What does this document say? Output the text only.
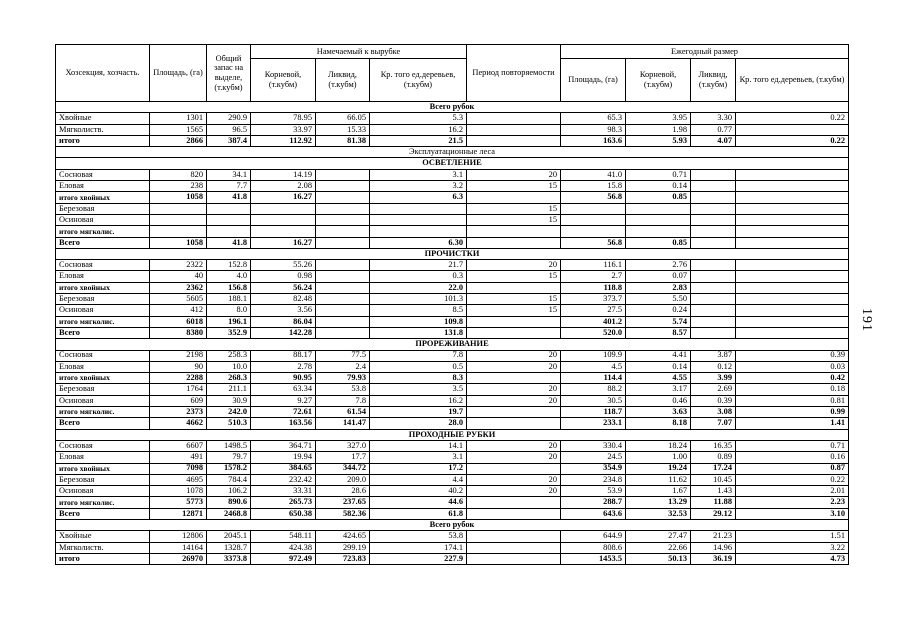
Хозсекция, хозчасть.	Площадь, (га)	Общий запас на выделе, (т.кубм)	Намечаемый к вырубке			Период повторяемости	Ежегодный размер			
			Корневой, (т.кубм)	Ликвид, (т.кубм)	Кр. того ед.деревьев, (т.кубм)		Площадь, (га)	Корневой, (т.кубм)	Ликвид, (т.кубм)	Кр. того ед.деревьев, (т.кубм)
Всего рубок										
Хвойные	1301	290.9	78.95	66.05	5.3		65.3	3.95	3.30	0.22
Мягколиств.	1565	96.5	33.97	15.33	16.2		98.3	1.98	0.77	
итого	2866	387.4	112.92	81.38	21.5		163.6	5.93	4.07	0.22
Эксплуатационные леса										
ОСВЕТЛЕНИЕ										
Сосновая	820	34.1	14.19		3.1	20	41.0	0.71		
Еловая	238	7.7	2.08		3.2	15	15.8	0.14		
итого хвойных	1058	41.8	16.27		6.3		56.8	0.85		
Березовая						15				
Осиновая						15				
итого мягколис.										
Всего	1058	41.8	16.27		6.30		56.8	0.85		
ПРОЧИСТКИ										
Сосновая	2322	152.8	55.26		21.7	20	116.1	2.76		
Еловая	40	4.0	0.98		0.3	15	2.7	0.07		
итого хвойных	2362	156.8	56.24		22.0		118.8	2.83		
Березовая	5605	188.1	82.48		101.3	15	373.7	5.50		
Осиновая	412	8.0	3.56		8.5	15	27.5	0.24		
итого мягколис.	6018	196.1	86.04		109.8		401.2	5.74		
Всего	8380	352.9	142.28		131.8		520.0	8.57		
ПРОРЕЖИВАНИЕ										
Сосновая	2198	258.3	88.17	77.5	7.8	20	109.9	4.41	3.87	0.39
Еловая	90	10.0	2.78	2.4	0.5	20	4.5	0.14	0.12	0.03
итого хвойных	2288	268.3	90.95	79.93	8.3		114.4	4.55	3.99	0.42
Березовая	1764	211.1	63.34	53.8	3.5	20	88.2	3.17	2.69	0.18
Осиновая	609	30.9	9.27	7.8	16.2	20	30.5	0.46	0.39	0.81
итого мягколис.	2373	242.0	72.61	61.54	19.7		118.7	3.63	3.08	0.99
Всего	4662	510.3	163.56	141.47	28.0		233.1	8.18	7.07	1.41
ПРОХОДНЫЕ РУБКИ										
Сосновая	6607	1498.5	364.71	327.0	14.1	20	330.4	18.24	16.35	0.71
Еловая	491	79.7	19.94	17.7	3.1	20	24.5	1.00	0.89	0.16
итого хвойных	7098	1578.2	384.65	344.72	17.2		354.9	19.24	17.24	0.87
Березовая	4695	784.4	232.42	209.0	4.4	20	234.8	11.62	10.45	0.22
Осиновая	1078	106.2	33.31	28.6	40.2	20	53.9	1.67	1.43	2.01
итого мягколис.	5773	890.6	265.73	237.65	44.6		288.7	13.29	11.88	2.23
Всего	12871	2468.8	650.38	582.36	61.8		643.6	32.53	29.12	3.10
Всего рубок										
Хвойные	12806	2045.1	548.11	424.65	53.8		644.9	27.47	21.23	1.51
Мягколиств.	14164	1328.7	424.38	299.19	174.1		808.6	22.66	14.96	3.22
итого	26970	3373.8	972.49	723.83	227.9		1453.5	50.13	36.19	4.73
191
